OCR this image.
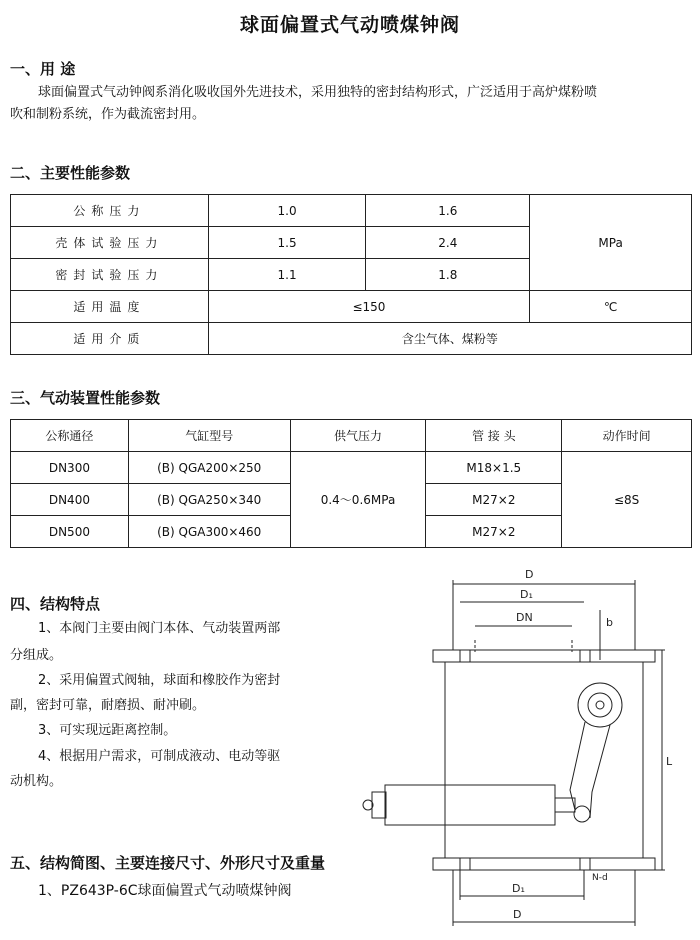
球面偏置式气动喷煤钟阀
一、用 途
球面偏置式气动钟阀系消化吸收国外先进技术，采用独特的密封结构形式，广泛适用于高炉煤粉喷
吹和制粉系统，作为截流密封用。
二、主要性能参数
公称压力	1.0	1.6	MPa
壳体试验压力	1.5	2.4	
密封试验压力	1.1	1.8	
适用温度	≤150		℃
适用介质	含尘气体、煤粉等		
三、气动装置性能参数
公称通径	气缸型号	供气压力	管 接 头	动作时间
DN300	(B) QGA200×250	0.4～0.6MPa	M18×1.5	≤8S
DN400	(B) QGA250×340		M27×2	
DN500	(B) QGA300×460		M27×2	
四、结构特点
1、本阀门主要由阀门本体、气动装置两部
分组成。
2、采用偏置式阀轴，球面和橡胶作为密封
副，密封可靠，耐磨损、耐冲刷。
3、可实现远距离控制。
4、根据用户需求，可制成液动、电动等驱
动机构。
五、结构简图、主要连接尺寸、外形尺寸及重量
1、PZ643P-6C球面偏置式气动喷煤钟阀
D
D₁
DN	b
L
N-d
D₁
D
